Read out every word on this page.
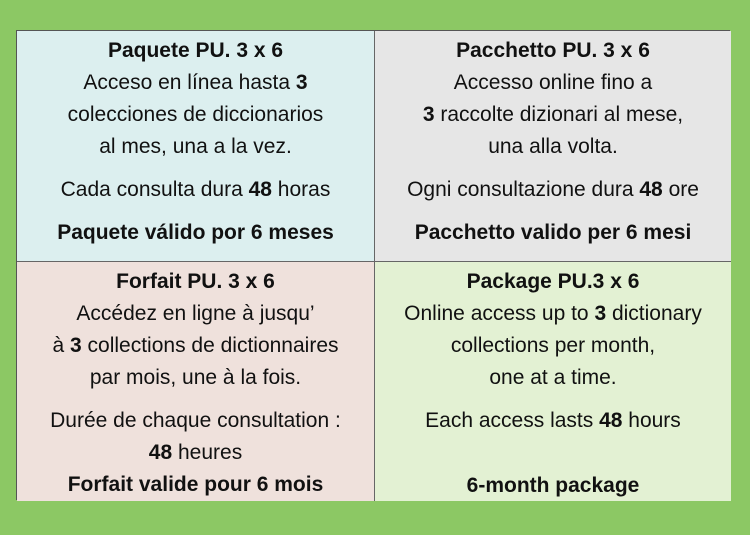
Paquete PU. 3 x 6
Acceso en línea hasta 3
colecciones de diccionarios
al mes, una a la vez.
Cada consulta dura 48 horas
Paquete válido por 6 meses
Pacchetto PU. 3 x 6
Accesso online fino a
3 raccolte dizionari al mese,
una alla volta.
Ogni consultazione dura 48 ore
Pacchetto valido per 6 mesi
Forfait PU. 3 x 6
Accédez en ligne à jusqu’
à 3 collections de dictionnaires
par mois, une à la fois.
Durée de chaque consultation :
48 heures
Forfait valide pour 6 mois
Package PU.3 x 6
Online access up to 3 dictionary
collections per month,
one at a time.
Each access lasts 48 hours
6-month package
